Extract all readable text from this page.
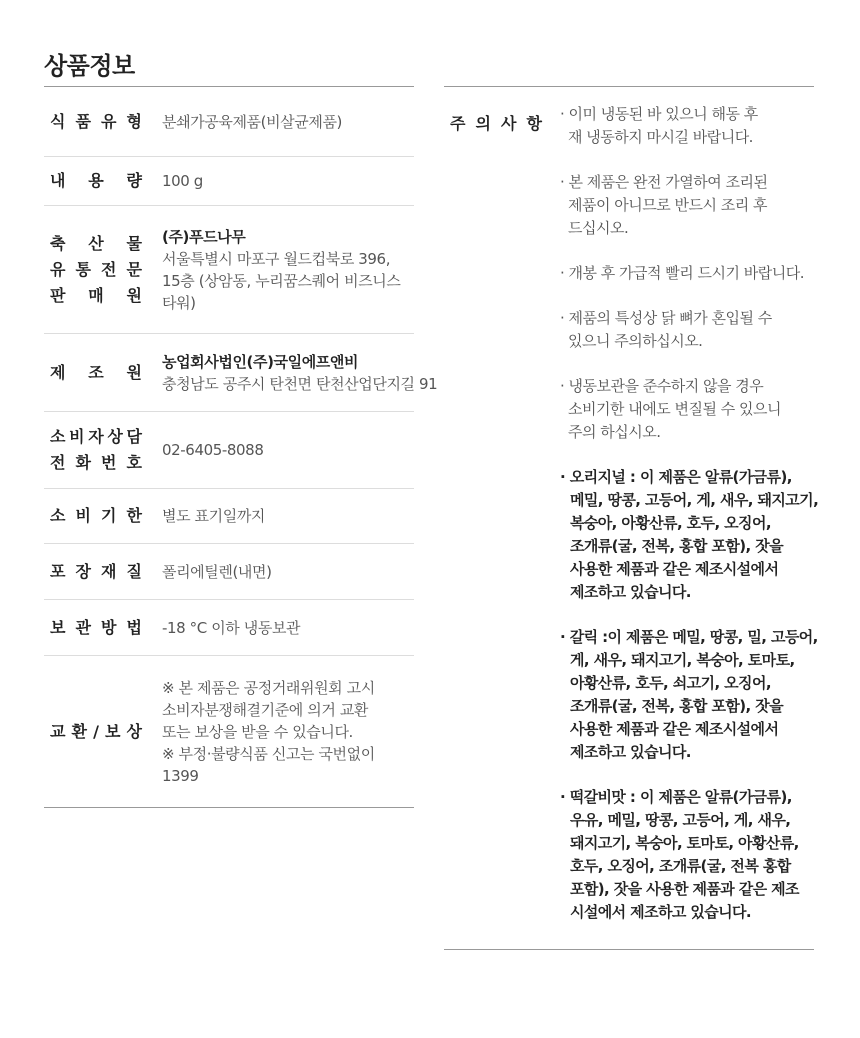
상품정보
식 품 유 형 분쇄가공육제품(비살균제품)
내 용 량 100 g
축 산 물
유 통 전 문
판 매 원
(주)푸드나무
서울특별시 마포구 월드컵북로 396,
15층 (상암동, 누리꿈스퀘어 비즈니스
타워)
제 조 원
농업회사법인(주)국일에프앤비
충청남도 공주시 탄천면 탄천산업단지길 91
소 비 자 상 담
전 화 번 호
02-6405-8088
소 비 기 한 별도 표기일까지
포 장 재 질 폴리에틸렌(내면)
보 관 방 법 -18 °C 이하 냉동보관
교 환 / 보 상
※ 본 제품은 공정거래위원회 고시
소비자분쟁해결기준에 의거 교환
또는 보상을 받을 수 있습니다.
※ 부정·불량식품 신고는 국번없이
1399
주 의 사 항
·	이미 냉동된 바 있으니 해동 후
재 냉동하지 마시길 바랍니다.
· 본 제품은 완전 가열하여 조리된
제품이 아니므로 반드시 조리 후
드십시오.
· 개봉 후 가급적 빨리 드시기 바랍니다.
· 제품의 특성상 닭 뼈가 혼입될 수
있으니 주의하십시오.
· 냉동보관을 준수하지 않을 경우
소비기한 내에도 변질될 수 있으니
주의 하십시오.
· 오리지널 : 이 제품은 알류(가금류),
메밀, 땅콩, 고등어, 게, 새우, 돼지고기,
복숭아, 아황산류, 호두, 오징어,
조개류(굴, 전복, 홍합 포함), 잣을
사용한 제품과 같은 제조시설에서
제조하고 있습니다.
· 갈릭 :이 제품은 메밀, 땅콩, 밀, 고등어,
게, 새우, 돼지고기, 복숭아, 토마토,
아황산류, 호두, 쇠고기, 오징어,
조개류(굴, 전복, 홍합 포함), 잣을
사용한 제품과 같은 제조시설에서
제조하고 있습니다.
· 떡갈비맛 : 이 제품은 알류(가금류),
우유, 메밀, 땅콩, 고등어, 게, 새우,
돼지고기, 복숭아, 토마토, 아황산류,
호두, 오징어, 조개류(굴, 전복 홍합
포함), 잣을 사용한 제품과 같은 제조
시설에서 제조하고 있습니다.
